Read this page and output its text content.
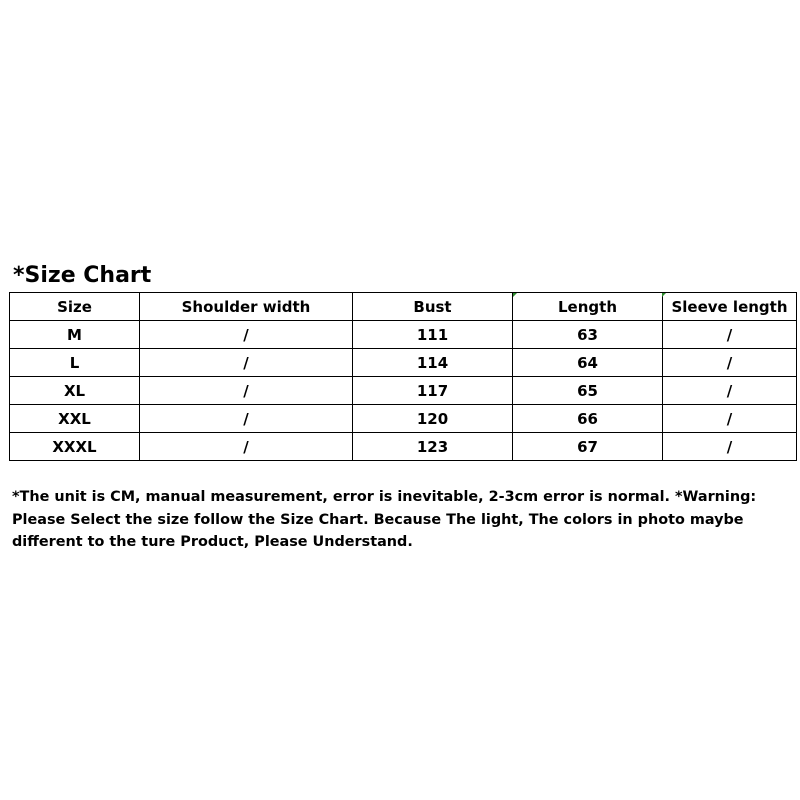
*Size Chart
Size	Shoulder width	Bust	Length	Sleeve length
M	/	111	63	/
L	/	114	64	/
XL	/	117	65	/
XXL	/	120	66	/
XXXL	/	123	67	/
*The unit is CM, manual measurement, error is inevitable, 2-3cm error is normal. *Warning:
Please Select the size follow the Size Chart. Because The light, The colors in photo maybe
different to the ture Product, Please Understand.
